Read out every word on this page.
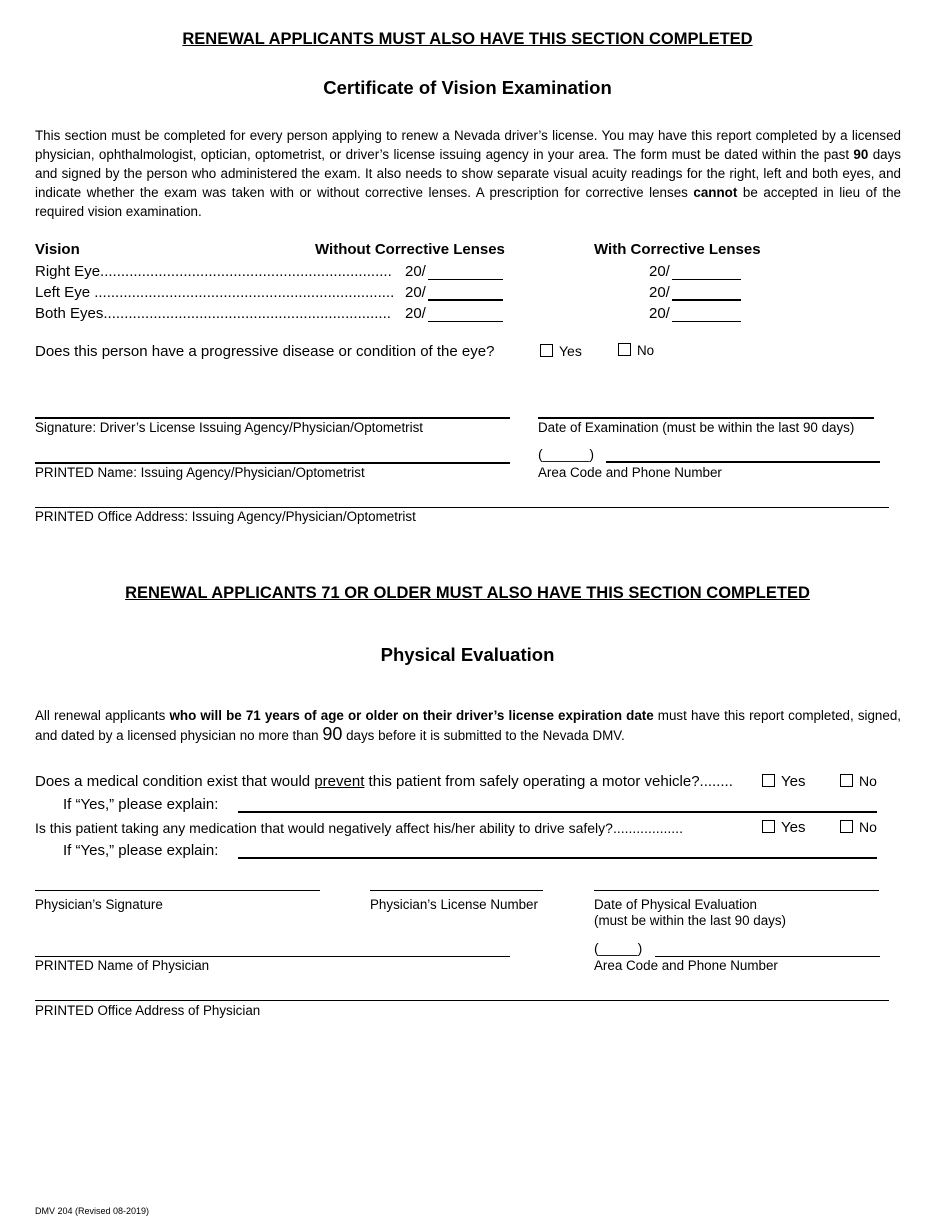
RENEWAL APPLICANTS MUST ALSO HAVE THIS SECTION COMPLETED
Certificate of Vision Examination
This section must be completed for every person applying to renew a Nevada driver’s license. You may have this report completed by a licensed physician, ophthalmologist, optician, optometrist, or driver’s license issuing agency in your area. The form must be dated within the past 90 days and signed by the person who administered the exam. It also needs to show separate visual acuity readings for the right, left and both eyes, and indicate whether the exam was taken with or without corrective lenses. A prescription for corrective lenses cannot be accepted in lieu of the required vision examination.
Vision	Without Corrective Lenses	With Corrective Lenses
Right Eye...................................................................... 20/	20/
Left Eye ........................................................................ 20/	20/
Both Eyes..................................................................... 20/	20/
Does this person have a progressive disease or condition of the eye?	Yes	No
Signature: Driver’s License Issuing Agency/Physician/Optometrist	Date of Examination (must be within the last 90 days)
(______)
PRINTED Name: Issuing Agency/Physician/Optometrist	Area Code and Phone Number
PRINTED Office Address: Issuing Agency/Physician/Optometrist
RENEWAL APPLICANTS 71 OR OLDER MUST ALSO HAVE THIS SECTION COMPLETED
Physical Evaluation
All renewal applicants who will be 71 years of age or older on their driver’s license expiration date must have this report completed, signed, and dated by a licensed physician no more than 90 days before it is submitted to the Nevada DMV.
Does a medical condition exist that would prevent this patient from safely operating a motor vehicle?........	Yes	No
If “Yes,” please explain:
Is this patient taking any medication that would negatively affect his/her ability to drive safely?..................	Yes	No
If “Yes,” please explain:
Physician’s Signature	Physician’s License Number	Date of Physical Evaluation
(must be within the last 90 days)
(_____)
PRINTED Name of Physician	Area Code and Phone Number
PRINTED Office Address of Physician
DMV 204 (Revised 08-2019)
